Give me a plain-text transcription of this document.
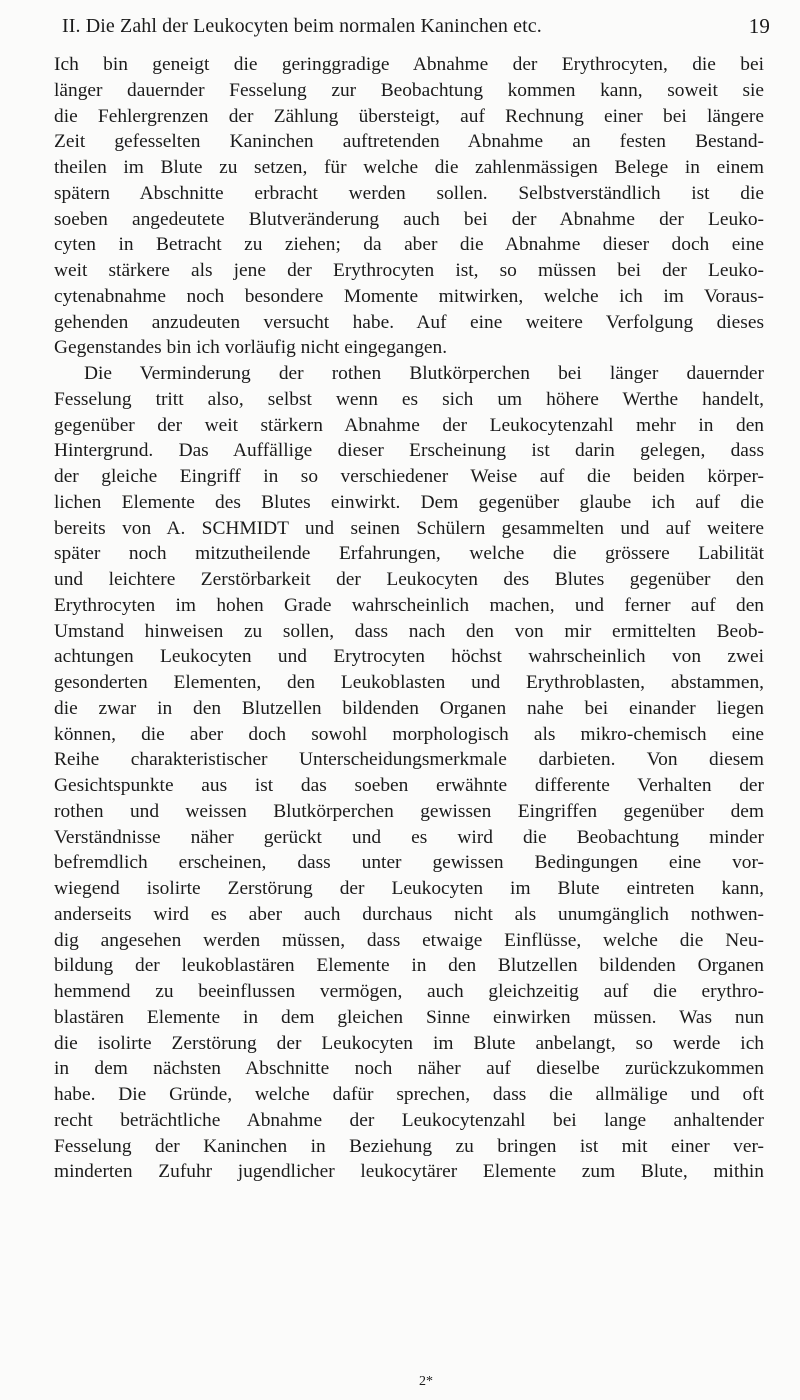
II. Die Zahl der Leukocyten beim normalen Kaninchen etc.	19
Ich bin geneigt die geringgradige Abnahme der Erythrocyten, die bei
länger dauernder Fesselung zur Beobachtung kommen kann, soweit sie
die Fehlergrenzen der Zählung übersteigt, auf Rechnung einer bei längere
Zeit gefesselten Kaninchen auftretenden Abnahme an festen Bestand-
theilen im Blute zu setzen, für welche die zahlenmässigen Belege in einem
spätern Abschnitte erbracht werden sollen. Selbstverständlich ist die
soeben angedeutete Blutveränderung auch bei der Abnahme der Leuko-
cyten in Betracht zu ziehen; da aber die Abnahme dieser doch eine
weit stärkere als jene der Erythrocyten ist, so müssen bei der Leuko-
cytenabnahme noch besondere Momente mitwirken, welche ich im Voraus-
gehenden anzudeuten versucht habe. Auf eine weitere Verfolgung dieses
Gegenstandes bin ich vorläufig nicht eingegangen.
Die Verminderung der rothen Blutkörperchen bei länger dauernder
Fesselung tritt also, selbst wenn es sich um höhere Werthe handelt,
gegenüber der weit stärkern Abnahme der Leukocytenzahl mehr in den
Hintergrund. Das Auffällige dieser Erscheinung ist darin gelegen, dass
der gleiche Eingriff in so verschiedener Weise auf die beiden körper-
lichen Elemente des Blutes einwirkt. Dem gegenüber glaube ich auf die
bereits von A. SCHMIDT und seinen Schülern gesammelten und auf weitere
später noch mitzutheilende Erfahrungen, welche die grössere Labilität
und leichtere Zerstörbarkeit der Leukocyten des Blutes gegenüber den
Erythrocyten im hohen Grade wahrscheinlich machen, und ferner auf den
Umstand hinweisen zu sollen, dass nach den von mir ermittelten Beob-
achtungen Leukocyten und Erytrocyten höchst wahrscheinlich von zwei
gesonderten Elementen, den Leukoblasten und Erythroblasten, abstammen,
die zwar in den Blutzellen bildenden Organen nahe bei einander liegen
können, die aber doch sowohl morphologisch als mikro-chemisch eine
Reihe charakteristischer Unterscheidungsmerkmale darbieten. Von diesem
Gesichtspunkte aus ist das soeben erwähnte differente Verhalten der
rothen und weissen Blutkörperchen gewissen Eingriffen gegenüber dem
Verständnisse näher gerückt und es wird die Beobachtung minder
befremdlich erscheinen, dass unter gewissen Bedingungen eine vor-
wiegend isolirte Zerstörung der Leukocyten im Blute eintreten kann,
anderseits wird es aber auch durchaus nicht als unumgänglich nothwen-
dig angesehen werden müssen, dass etwaige Einflüsse, welche die Neu-
bildung der leukoblastären Elemente in den Blutzellen bildenden Organen
hemmend zu beeinflussen vermögen, auch gleichzeitig auf die erythro-
blastären Elemente in dem gleichen Sinne einwirken müssen. Was nun
die isolirte Zerstörung der Leukocyten im Blute anbelangt, so werde ich
in dem nächsten Abschnitte noch näher auf dieselbe zurückzukommen
habe. Die Gründe, welche dafür sprechen, dass die allmälige und oft
recht beträchtliche Abnahme der Leukocytenzahl bei lange anhaltender
Fesselung der Kaninchen in Beziehung zu bringen ist mit einer ver-
minderten Zufuhr jugendlicher leukocytärer Elemente zum Blute, mithin
2*
